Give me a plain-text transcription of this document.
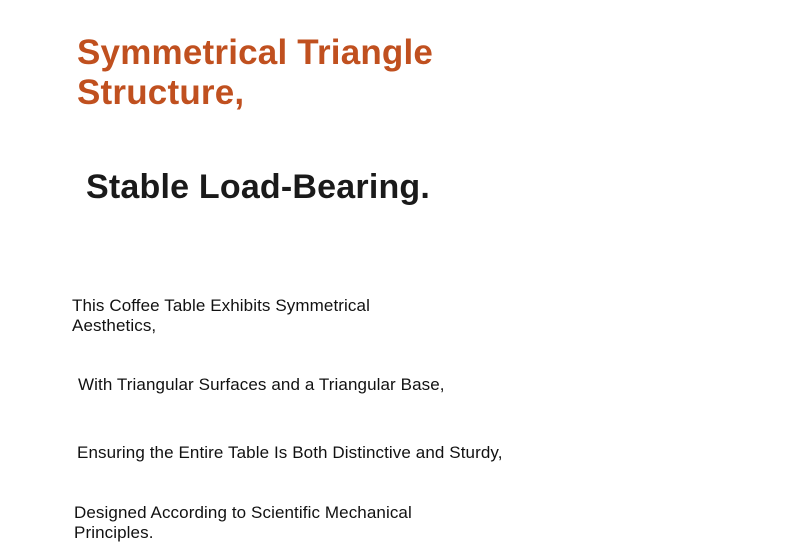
Symmetrical Triangle
Structure,
Stable Load-Bearing.
This Coffee Table Exhibits Symmetrical
Aesthetics,
With Triangular Surfaces and a Triangular Base,
Ensuring the Entire Table Is Both Distinctive and Sturdy,
Designed According to Scientific Mechanical
Principles.
